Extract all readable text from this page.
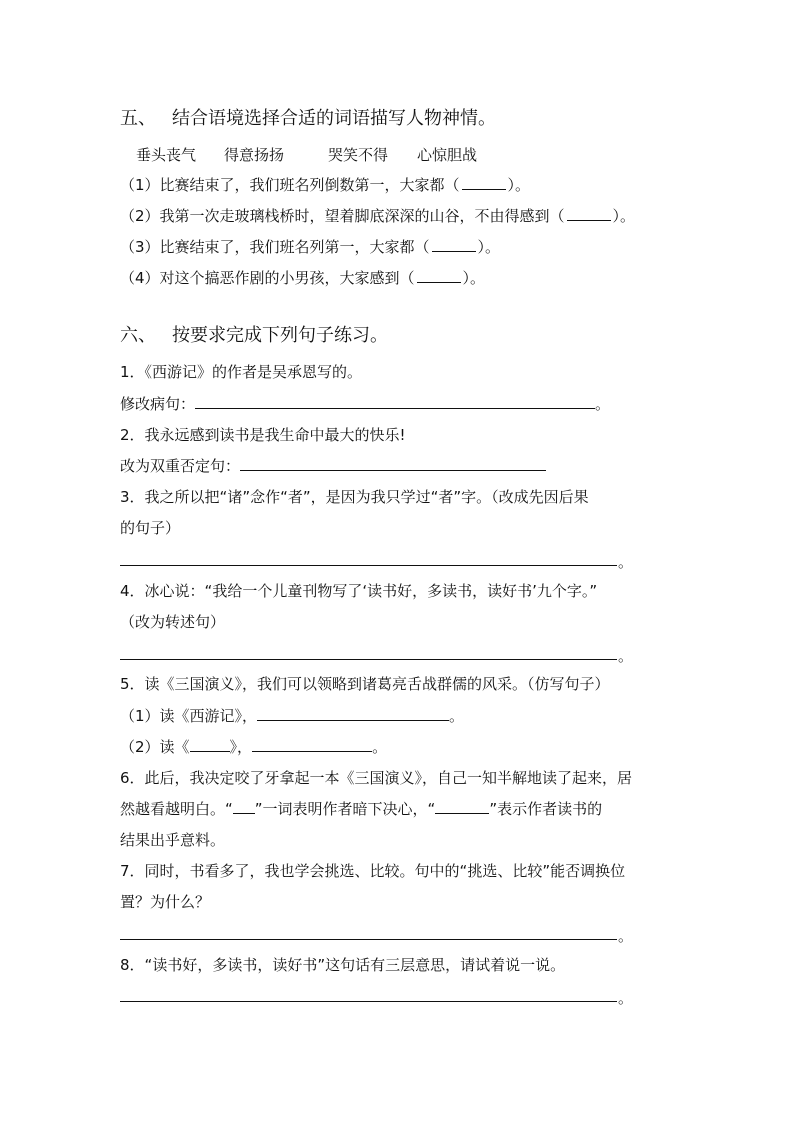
五、 结合语境选择合适的词语描写人物神情。
垂头丧气 得意扬扬	哭笑不得 心惊胆战
（1）比赛结束了，我们班名列倒数第一，大家都（	）。
（2）我第一次走玻璃栈桥时，望着脚底深深的山谷，不由得感到（	）。
（3）比赛结束了，我们班名列第一，大家都（	）。
（4）对这个搞恶作剧的小男孩，大家感到（	）。
六、 按要求完成下列句子练习。
1．《西游记》的作者是吴承恩写的。
修改病句：	。
2．我永远感到读书是我生命中最大的快乐!
改为双重否定句：
3．我之所以把“诸”念作“者”，是因为我只学过“者”字。（改成先因后果
的句子）
。
4．冰心说：“我给一个儿童刊物写了‘读书好，多读书，读好书’九个字。”
（改为转述句）
。
5．读《三国演义》，我们可以领略到诸葛亮舌战群儒的风采。（仿写句子）
（1）读《西游记》，	。
（2）读《	》，	。
6．此后，我决定咬了牙拿起一本《三国演义》，自己一知半解地读了起来，居
然越看越明白。“ ”一词表明作者暗下决心，“	”表示作者读书的
结果出乎意料。
7．同时，书看多了，我也学会挑选、比较。句中的“挑选、比较”能否调换位
置？为什么？
。
8．“读书好，多读书，读好书”这句话有三层意思，请试着说一说。
。
